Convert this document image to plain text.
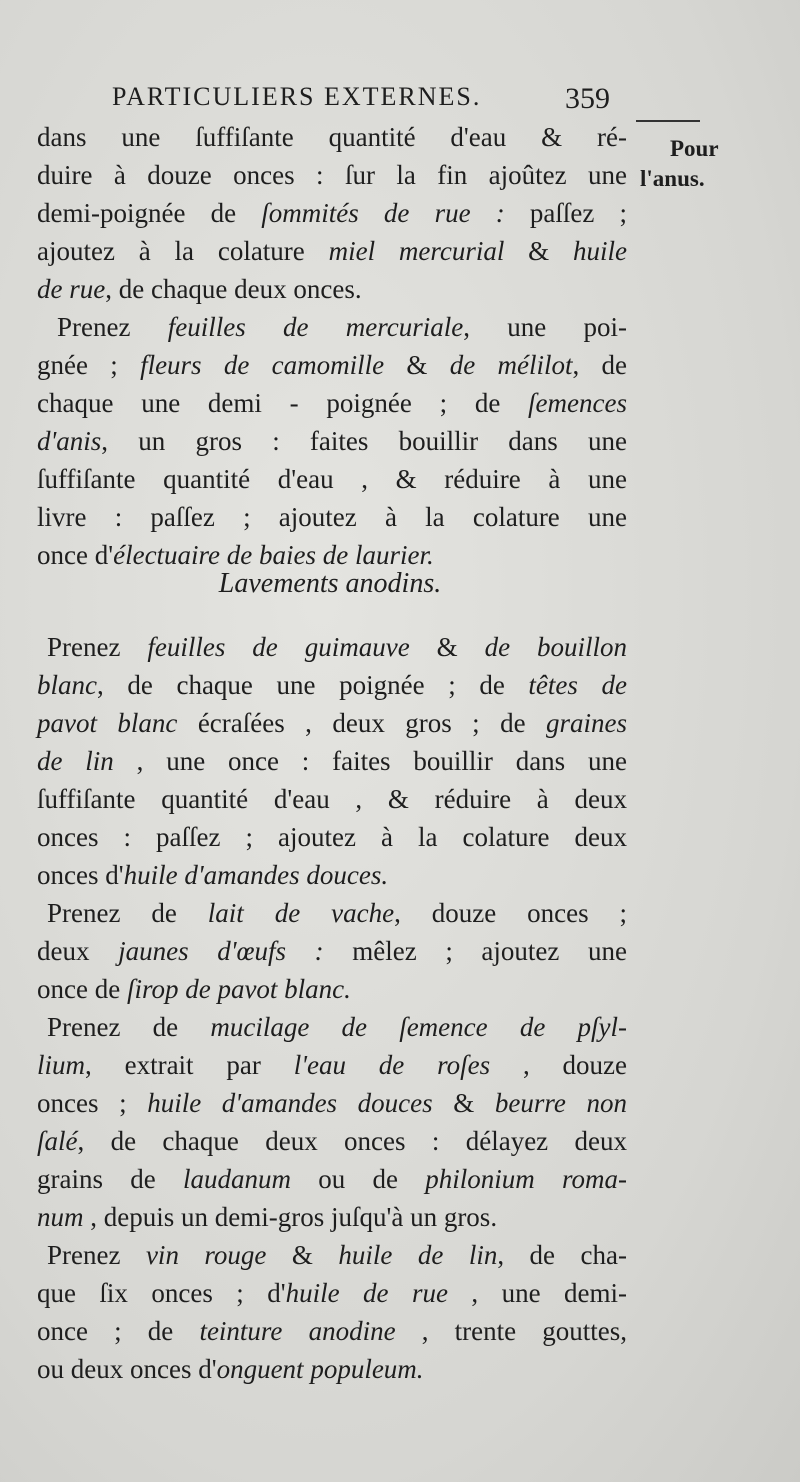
PARTICULIERS EXTERNES.	359
Pour
l'anus.
dans une ſuffiſante quantité d'eau & ré-
duire à douze onces : ſur la fin ajoûtez une
demi-poignée de ſommités de rue : paſſez ;
ajoutez à la colature miel mercurial & huile
de rue, de chaque deux onces.
Prenez feuilles de mercuriale, une poi-
gnée ; fleurs de camomille & de mélilot, de
chaque une demi - poignée ; de ſemences
d'anis, un gros : faites bouillir dans une
ſuffiſante quantité d'eau , & réduire à une
livre : paſſez ; ajoutez à la colature une
once d'électuaire de baies de laurier.
Lavements anodins.
Prenez feuilles de guimauve & de bouillon
blanc, de chaque une poignée ; de têtes de
pavot blanc écraſées , deux gros ; de graines
de lin , une once : faites bouillir dans une
ſuffiſante quantité d'eau , & réduire à deux
onces : paſſez ; ajoutez à la colature deux
onces d'huile d'amandes douces.
Prenez de lait de vache, douze onces ;
deux jaunes d'œufs : mêlez ; ajoutez une
once de ſirop de pavot blanc.
Prenez de mucilage de ſemence de pſyl-
lium, extrait par l'eau de roſes , douze
onces ; huile d'amandes douces & beurre non
ſalé, de chaque deux onces : délayez deux
grains de laudanum ou de philonium roma-
num , depuis un demi-gros juſqu'à un gros.
Prenez vin rouge & huile de lin, de cha-
que ſix onces ; d'huile de rue , une demi-
once ; de teinture anodine , trente gouttes,
ou deux onces d'onguent populeum.
